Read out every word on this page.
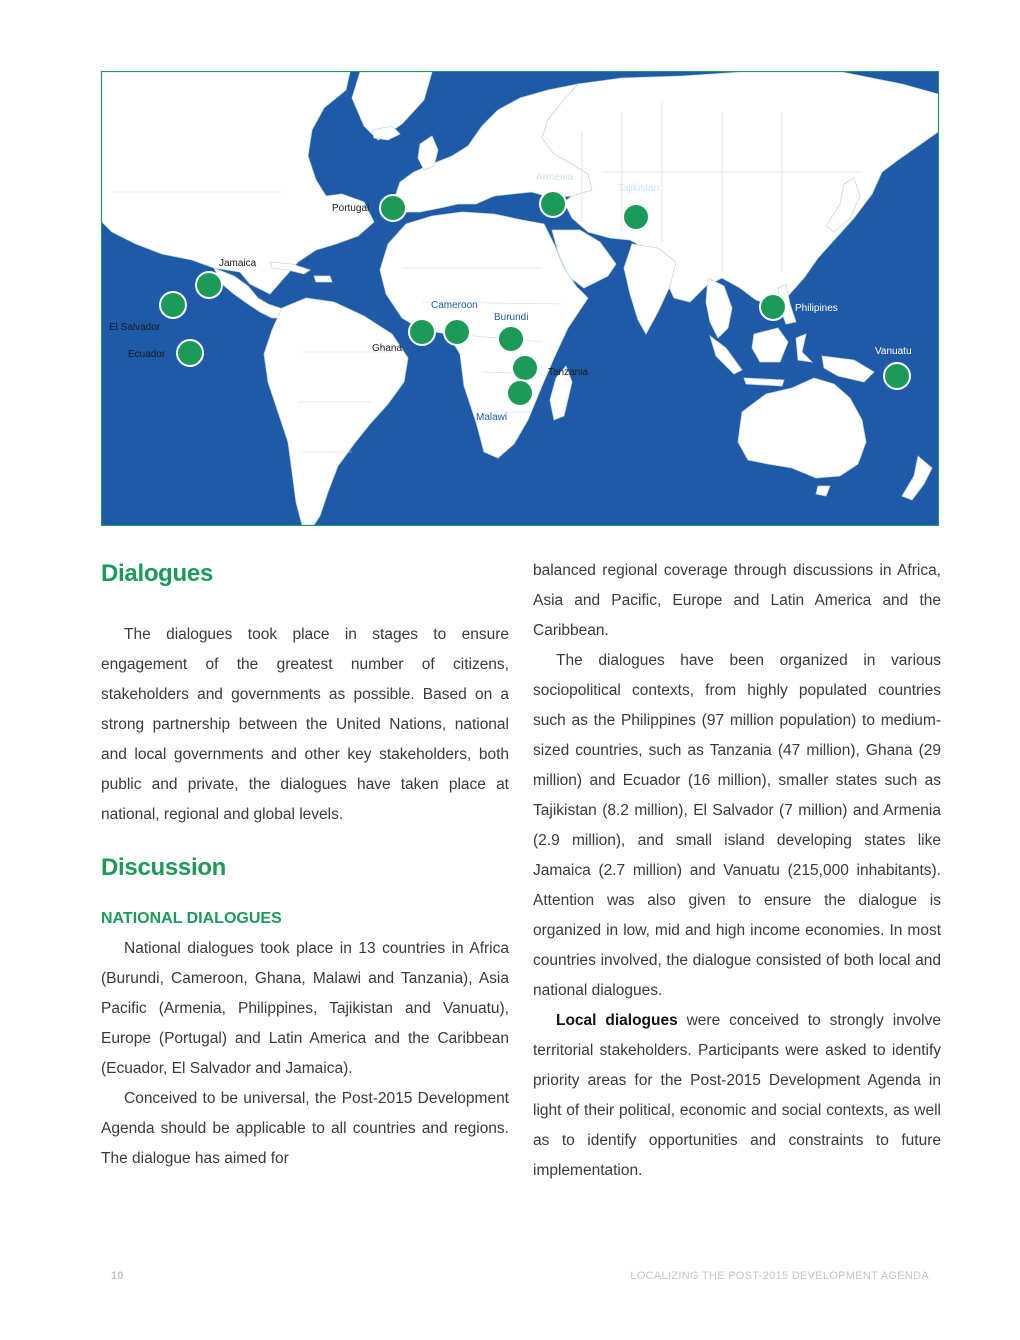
Portugal
Armenia
Tajikistan
Jamaica
El Salvador
Ecuador
Cameroon
Ghana
Burundi
Tanzania
Malawi
Philipines
Vanuatu
Dialogues

The dialogues took place in stages to ensure engagement of the greatest number of citizens, stakeholders and governments as possible. Based on a strong partnership between the United Nations, national and local governments and other key stakeholders, both public and private, the dialogues have taken place at national, regional and global levels.

Discussion
NATIONAL DIALOGUES

National dialogues took place in 13 countries in Africa (Burundi, Cameroon, Ghana, Malawi and Tanzania), Asia Pacific (Armenia, Philippines, Tajikistan and Vanuatu), Europe (Portugal) and Latin America and the Caribbean (Ecuador, El Salvador and Jamaica).

Conceived to be universal, the Post-2015 Development Agenda should be applicable to all countries and regions. The dialogue has aimed for

balanced regional coverage through discussions in Africa, Asia and Pacific, Europe and Latin America and the Caribbean.

The dialogues have been organized in various sociopolitical contexts, from highly populated countries such as the Philippines (97 million population) to medium-sized countries, such as Tanzania (47 million), Ghana (29 million) and Ecuador (16 million), smaller states such as Tajikistan (8.2 million), El Salvador (7 million) and Armenia (2.9 million), and small island developing states like Jamaica (2.7 million) and Vanuatu (215,000 inhabitants). Attention was also given to ensure the dialogue is organized in low, mid and high income economies. In most countries involved, the dialogue consisted of both local and national dialogues.

Local dialogues were conceived to strongly involve territorial stakeholders. Participants were asked to identify priority areas for the Post-2015 Development Agenda in light of their political, economic and social contexts, as well as to identify opportunities and constraints to future implementation.

10	LOCALIZING THE POST-2015 DEVELOPMENT AGENDA
